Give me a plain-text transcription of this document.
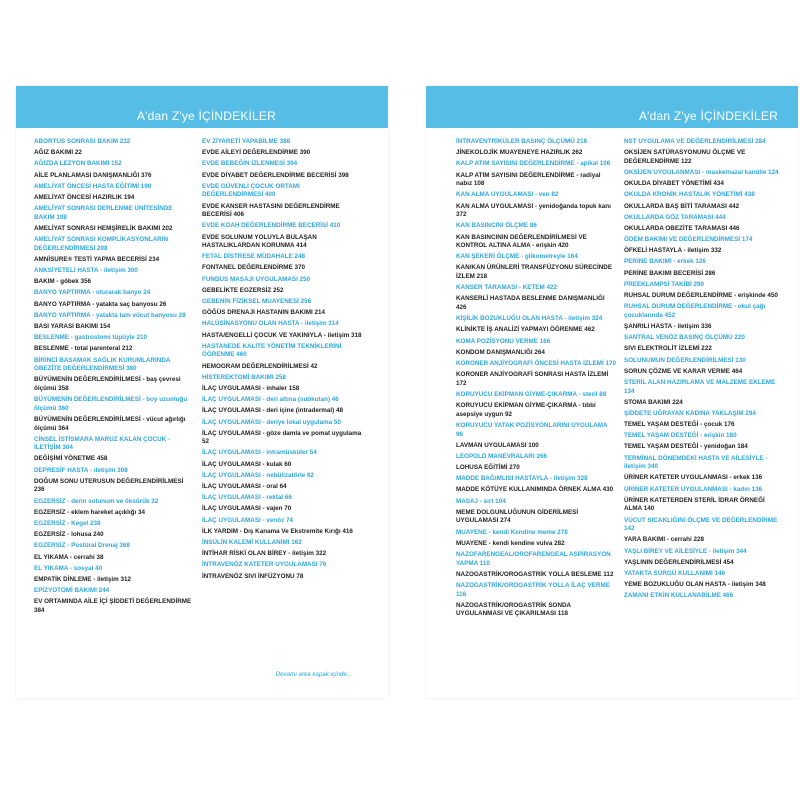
A'dan Z'ye İÇİNDEKİLER
ABORTUS SONRASI BAKIM 232
AĞIZ BAKIMI 22
AĞIZDA LEZYON BAKIMI 152
AİLE PLANLAMASI DANIŞMANLIĞI 376
AMELİYAT ÖNCESİ HASTA EĞİTİMİ 190
AMELİYAT ÖNCESİ HAZIRLIK 194
AMELİYAT SONRASI DERLENME ÜNİTESİNDE BAKIM 198
AMELİYAT SONRASI HEMŞİRELİK BAKIMI 202
AMELİYAT SONRASI KOMPLİKASYONLARIN DEĞERLENDİRMESİ 208
AMNİSURE® TESTİ YAPMA BECERİSİ 234
ANKSİYETELİ HASTA - iletişim 300
BAKIM - göbek 356
BANYO YAPTIRMA - oturarak banyo 24
BANYO YAPTIRMA - yatakta saç banyosu 26
BANYO YAPTIRMA - yatakta tam vücut banyosu 28
BASI YARASI BAKIMI 154
BESLENME - gastrostomi tüpüyle 210
BESLENME - total parenteral 212
BİRİNCİ BASAMAK SAĞLIK KURUMLARINDA OBEZİTE DEĞERLENDİRMESİ 380
BÜYÜMENİN DEĞERLENDİRİLMESİ - baş çevresi ölçümü 358
BÜYÜMENİN DEĞERLENDİRİLMESİ - boy uzunluğu ölçümü 360
BÜYÜMENİN DEĞERLENDİRİLMESİ - vücut ağırlığı ölçümü 364
CİNSEL İSTİSMARA MARUZ KALAN ÇOCUK - İLETİŞİM 304
DEĞİŞİMİ YÖNETME 458
DEPRESİF HASTA - iletişim 308
DOĞUM SONU UTERUSUN DEĞERLENDİRİLMESİ 236
EGZERSİZ - derin solunum ve öksürük 32
EGZERSİZ - eklem hareket açıklığı 34
EGZERSİZ - Kegel 238
EGZERSİZ - lohusa 240
EGZERSİZ - Postüral Drenaj 368
EL YIKAMA - cerrahi 38
EL YIKAMA - sosyal 40
EMPATİK DİNLEME - iletişim 312
EPİZYOTOMİ BAKIMI 244
EV ORTAMINDA AİLE İÇİ ŞİDDETİ DEĞERLENDİRME 384
EV ZİYARETİ YAPABİLME 388
EVDE AİLEYİ DEĞERLENDİRME 390
EVDE BEBEĞİN İZLENMESİ 394
EVDE DİYABET DEĞERLENDİRME BECERİSİ 398
EVDE GÜVENLİ ÇOCUK ORTAMI DEĞERLENDİRMESİ 400
EVDE KANSER HASTASINI DEĞERLENDİRME BECERİSİ 406
EVDE KOAH DEĞERLENDİRME BECERİSİ 410
EVDE SOLUNUM YOLUYLA BULAŞAN HASTALIKLARDAN KORUNMA 414
FETAL DİSTRESE MÜDAHALE 248
FONTANEL DEĞERLENDİRME 370
FUNDUS MASAJI UYGULAMASI 250
GEBELİKTE EGZERSİZ 252
GEBENİN FİZİKSEL MUAYENESİ 256
GÖĞÜS DRENAJI HASTANIN BAKIMI 214
HALÜSİNASYONU OLAN HASTA - iletişim 314
HASTA/ENGELLİ ÇOCUK VE YAKINIYLA - iletişim 318
HASTANEDE KALİTE YÖNETİM TEKNİKLERİNİ ÖĞRENME 460
HEMOGRAM DEĞERLENDİRİLMESİ 42
HİSTEREKTOMİ BAKIMI 258
İLAÇ UYGULAMASI - inhaler 158
İLAÇ UYGULAMASI - deri altına (subkutan) 46
İLAÇ UYGULAMASI - deri içine (intradermal) 48
İLAÇ UYGULAMASI - deriye lokal uygulama 50
İLAÇ UYGULAMASI - göze damla ve pomat uygulama 52
İLAÇ UYGULAMASI - intramüsküler 54
İLAÇ UYGULAMASI - kulak 60
İLAÇ UYGULAMASI - nebülizatörle 62
İLAÇ UYGULAMASI - oral 64
İLAÇ UYGULAMASI - rektal 66
İLAÇ UYGULAMASI - vajen 70
İLAÇ UYGULAMASI - venöz 74
İLK YARDIM - Dış Kanama Ve Ekstremite Kırığı 416
İNSÜLİN KALEMİ KULLANIMI 162
İNTİHAR RİSKİ OLAN BİREY - iletişim 322
İNTRAVENÖZ KATETER UYGULAMASI 76
İNTRAVENÖZ SIVI İNFÜZYONU 78
Devamı arka kapak içinde...
A'dan Z'ye İÇİNDEKİLER
İNTRAVENTRİKÜLER BASINÇ ÖLÇÜMÜ 216
JİNEKOLOJİK MUAYENEYE HAZIRLIK 262
KALP ATIM SAYISINI DEĞERLENDİRME - apikal 106
KALP ATIM SAYISINI DEĞERLENDİRME - radiyal nabız 108
KAN ALMA UYGULAMASI - ven 82
KAN ALMA UYGULAMASI - yenidoğanda topuk kanı 372
KAN BASINCINI ÖLÇME 86
KAN BASINCININ DEĞERLENDİRİLMESİ VE KONTROL ALTINA ALMA - erişkin 420
KAN ŞEKERİ ÖLÇME - glikometreyle 164
KAN/KAN ÜRÜNLERİ TRANSFÜZYONU SÜRECİNDE İZLEM 218
KANSER TARAMASI - KETEM 422
KANSERLİ HASTADA BESLENME DANIŞMANLIĞI 426
KİŞİLİK BOZUKLUĞU OLAN HASTA - iletişim 324
KLİNİKTE İŞ ANALİZİ YAPMAYI ÖĞRENME 462
KOMA POZİSYONU VERME 166
KONDOM DANIŞMANLIĞI 264
KORONER ANJİYOGRAFİ ÖNCESİ HASTA İZLEMİ 170
KORONER ANJİYOGRAFİ SONRASI HASTA İZLEMİ 172
KORUYUCU EKİPMAN GİYME-ÇIKARMA - steril 88
KORUYUCU EKİPMAN GİYME-ÇIKARMA - tıbbi asepsiye uygun 92
KORUYUCU YATAK POZİSYONLARINI UYGULAMA 96
LAVMAN UYGULAMASI 100
LEOPOLD MANEVRALARI 266
LOHUSA EĞİTİMİ 270
MADDE BAĞIMLISI HASTAYLA - iletişim 328
MADDE KÖTÜYE KULLANIMINDA ÖRNEK ALMA 430
MASAJ - sırt 104
MEME DOLGUNLUĞUNUN GİDERİLMESİ UYGULAMASI 274
MUAYENE - kendi Kendine meme 278
MUAYENE - kendi kendine vulva 282
NAZOFARENGEAL/OROFARENGEAL ASPİRASYON YAPMA 110
NAZOGASTRİK/OROGASTRİK YOLLA BESLEME 112
NAZOGASTRİK/OROGASTRİK YOLLA İLAÇ VERME 116
NAZOGASTRİK/OROGASTRİK SONDA UYGULANMASI VE ÇIKARILMASI 118
NST UYGULAMA VE DEĞERLENDİRİLMESİ 284
OKSİJEN SATÜRASYONUNU ÖLÇME VE DEĞERLENDİRME 122
OKSİJEN UYGULANMASI - maske/nazal kanülle 124
OKULDA DİYABET YÖNETİMİ 434
OKULDA KRONİK HASTALIK YÖNETİMİ 438
OKULLARDA BAŞ BİTİ TARAMASI 442
OKULLARDA GÖZ TARAMASI 444
OKULLARDA OBEZİTE TARAMASI 446
ÖDEM BAKIMI VE DEĞERLENDİRMESİ 174
ÖFKELİ HASTAYLA - iletişim 332
PERİNE BAKIMI - erkek 126
PERİNE BAKIMI BECERİSİ 286
PREEKLAMPSİ TAKİBİ 290
RUHSAL DURUM DEĞERLENDİRME - erişkinde 450
RUHSAL DURUM DEĞERLENDİRME - okul çağı çocuklarında 452
ŞANRILI HASTA - iletişim 336
SANTRAL VENÖZ BASINÇ ÖLÇÜMÜ 220
SIVI ELEKTROLİT İZLEMİ 222
SOLUNUMUN DEĞERLENDİRİLMESİ 130
SORUN ÇÖZME VE KARAR VERME 464
STERİL ALAN HAZIRLAMA VE MALZEME EKLEME 134
STOMA BAKIMI 224
ŞİDDETE UĞRAYAN KADINA YAKLAŞIM 294
TEMEL YAŞAM DESTEĞİ - çocuk 176
TEMEL YAŞAM DESTEĞİ - erişkin 180
TEMEL YAŞAM DESTEĞİ - yenidoğan 184
TERMİNAL DÖNEMDEKİ HASTA VE AİLESİYLE - iletişim 340
ÜRİNER KATETER UYGULANMASI - erkek 136
ÜRİNER KATETER UYGULANMASI - kadın 136
ÜRİNER KATETERDEN STERİL İDRAR ÖRNEĞİ ALMA 140
VÜCUT SICAKLIĞINI ÖLÇME VE DEĞERLENDİRME 142
YARA BAKIMI - cerrahi 228
YAŞLI BİREY VE AİLESİYLE - iletişim 344
YAŞLININ DEĞERLENDİRİLMESİ 454
YATAKTA SÜRGÜ KULLANIMI 146
YEME BOZUKLUĞU OLAN HASTA - iletişim 348
ZAMANI ETKİN KULLANABİLME 466
